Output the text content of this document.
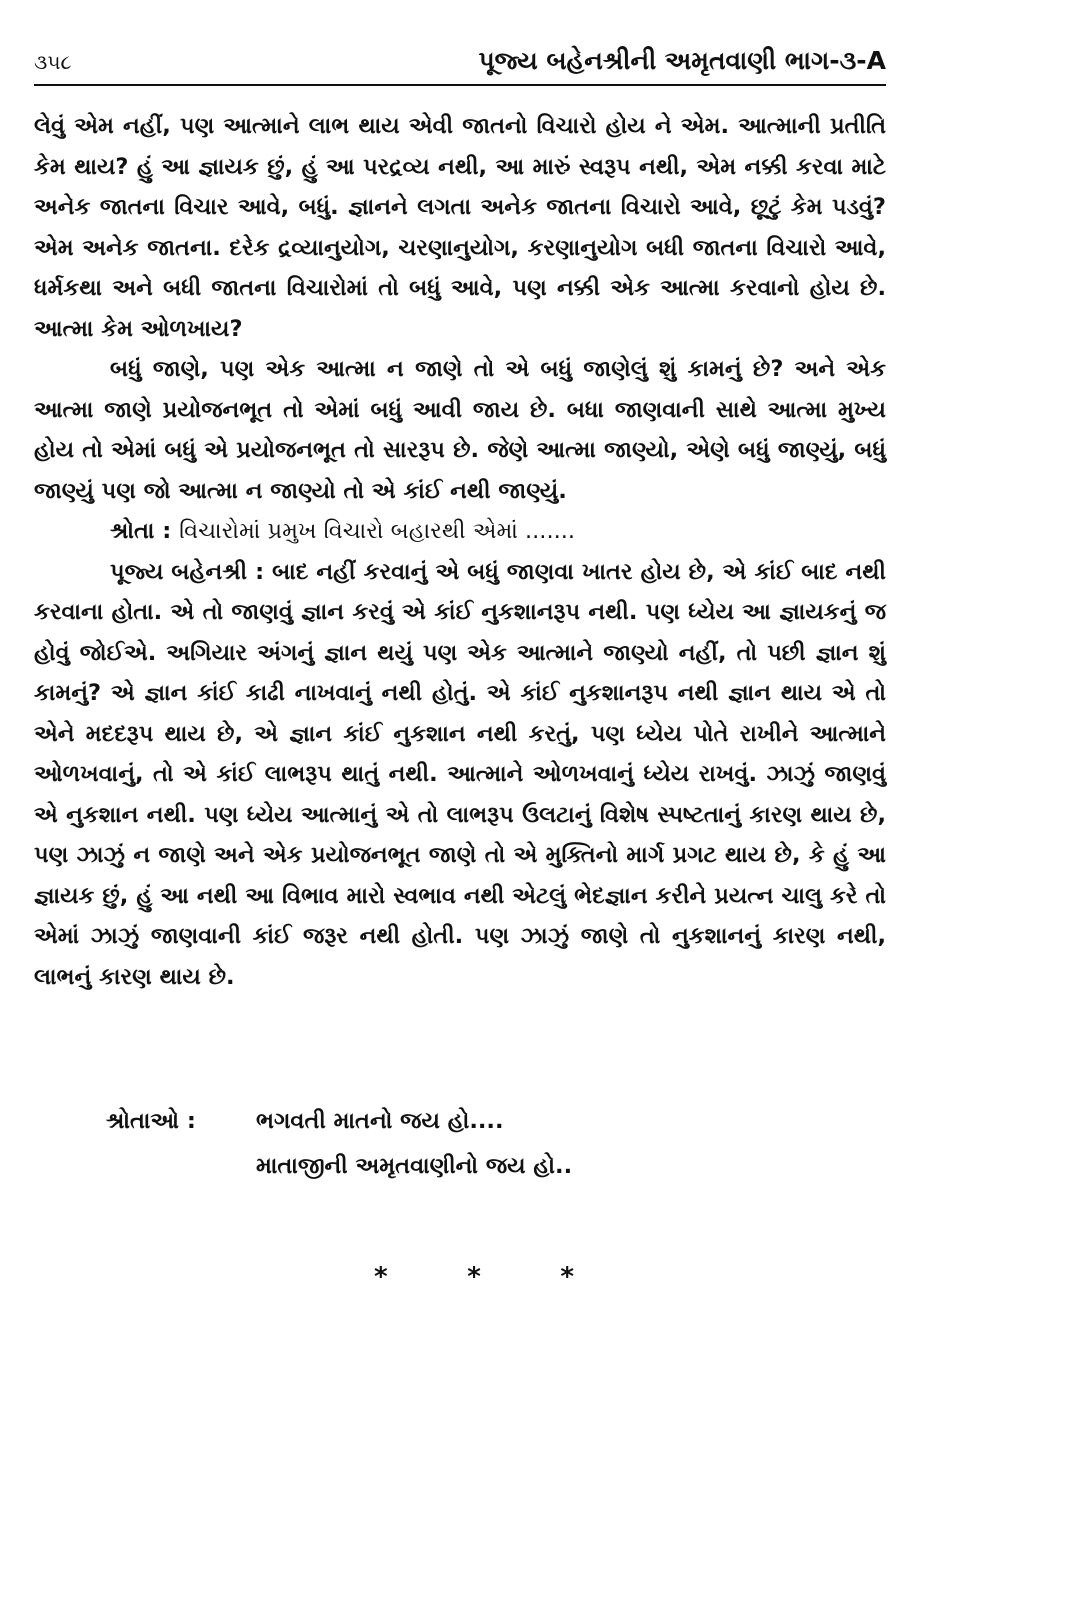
૩૫૮	પૂજ્ય બહેનશ્રીની અમૃતવાણી ભાગ-૩-A

લેવું એમ નહીં, પણ આત્માને લાભ થાય એવી જાતનો વિચારો હોય ને એમ. આત્માની પ્રતીતિ કેમ થાય? હું આ જ્ઞાયક છું, હું આ પરદ્રવ્ય નથી, આ મારું સ્વરૂપ નથી, એમ નક્કી કરવા માટે અનેક જાતના વિચાર આવે, બધું. જ્ઞાનને લગતા અનેક જાતના વિચારો આવે, છૂટું કેમ પડવું? એમ અનેક જાતના. દરેક દ્રવ્યાનુયોગ, ચરણાનુયોગ, કરણાનુયોગ બધી જાતના વિચારો આવે, ધર્મકથા અને બધી જાતના વિચારોમાં તો બધું આવે, પણ નક્કી એક આત્મા કરવાનો હોય છે. આત્મા કેમ ઓળખાય?

બધું જાણે, પણ એક આત્મા ન જાણે તો એ બધું જાણેલું શું કામનું છે? અને એક આત્મા જાણે પ્રયોજનભૂત તો એમાં બધું આવી જાય છે. બધા જાણવાની સાથે આત્મા મુખ્ય હોય તો એમાં બધું એ પ્રયોજનભૂત તો સારરૂપ છે. જેણે આત્મા જાણ્યો, એણે બધું જાણ્યું, બધું જાણ્યું પણ જો આત્મા ન જાણ્યો તો એ કાંઈ નથી જાણ્યું.

શ્રોતા : વિચારોમાં પ્રમુખ વિચારો બહારથી એમાં .......

પૂજ્ય બહેનશ્રી : બાદ નહીં કરવાનું એ બધું જાણવા ખાતર હોય છે, એ કાંઈ બાદ નથી કરવાના હોતા. એ તો જાણવું જ્ઞાન કરવું એ કાંઈ નુકશાનરૂપ નથી. પણ ધ્યેય આ જ્ઞાયકનું જ હોવું જોઈએ. અગિયાર અંગનું જ્ઞાન થયું પણ એક આત્માને જાણ્યો નહીં, તો પછી જ્ઞાન શું કામનું? એ જ્ઞાન કાંઈ કાઢી નાખવાનું નથી હોતું. એ કાંઈ નુકશાનરૂપ નથી જ્ઞાન થાય એ તો એને મદદરૂપ થાય છે, એ જ્ઞાન કાંઈ નુકશાન નથી કરતું, પણ ધ્યેય પોતે રાખીને આત્માને ઓળખવાનું, તો એ કાંઈ લાભરૂપ થાતું નથી. આત્માને ઓળખવાનું ધ્યેય રાખવું. ઝાઝું જાણવું એ નુકશાન નથી. પણ ધ્યેય આત્માનું એ તો લાભરૂપ ઉલટાનું વિશેષ સ્પષ્ટતાનું કારણ થાય છે, પણ ઝાઝું ન જાણે અને એક પ્રયોજનભૂત જાણે તો એ મુક્તિનો માર્ગ પ્રગટ થાય છે, કે હું આ જ્ઞાયક છું, હું આ નથી આ વિભાવ મારો સ્વભાવ નથી એટલું ભેદજ્ઞાન કરીને પ્રયત્ન ચાલુ કરે તો એમાં ઝાઝું જાણવાની કાંઈ જરૂર નથી હોતી. પણ ઝાઝું જાણે તો નુકશાનનું કારણ નથી, લાભનું કારણ થાય છે.

શ્રોતાઓ :	ભગવતી માતનો જય હો....
માતાજીની અમૃતવાણીનો જય હો..
*	*	*
